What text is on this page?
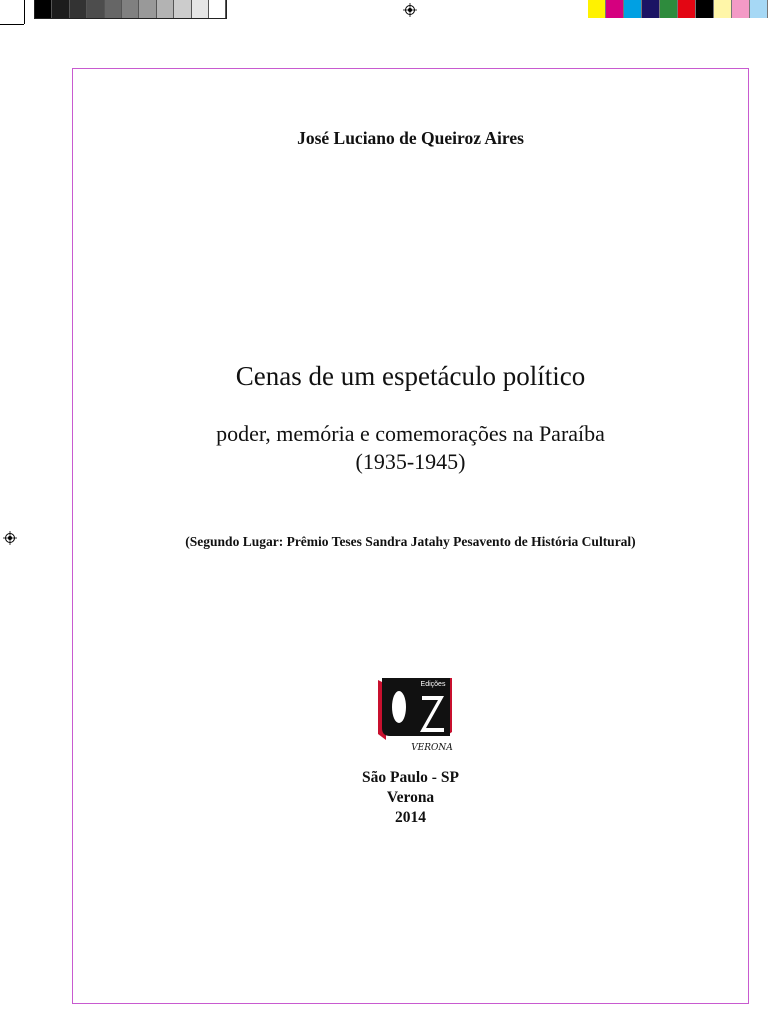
José Luciano de Queiroz Aires
Cenas de um espetáculo político
poder, memória e comemorações na Paraíba
(1935-1945)
(Segundo Lugar: Prêmio Teses Sandra Jatahy Pesavento de História Cultural)
Edições
VERONA
São Paulo - SP
Verona
2014
